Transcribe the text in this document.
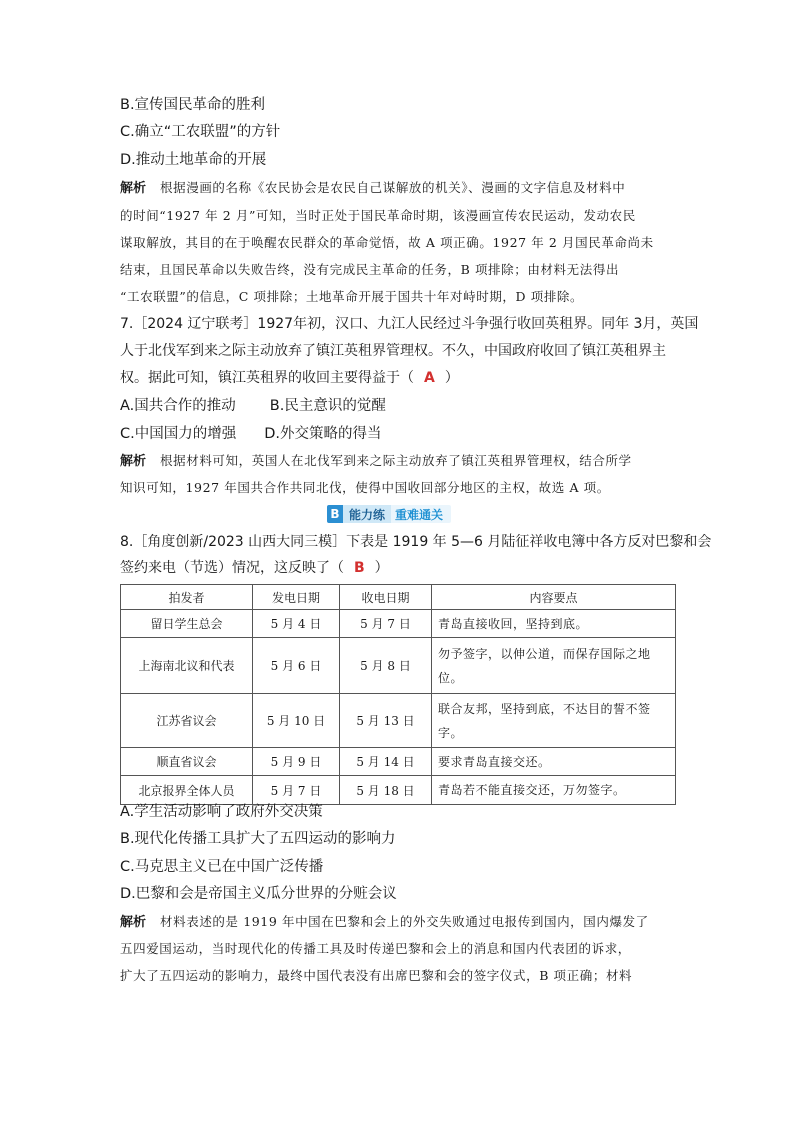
B.宣传国民革命的胜利
C.确立“工农联盟”的方针
D.推动土地革命的开展
解析 根据漫画的名称《农民协会是农民自己谋解放的机关》、漫画的文字信息及材料中
的时间“1927 年 2 月”可知，当时正处于国民革命时期，该漫画宣传农民运动，发动农民
谋取解放，其目的在于唤醒农民群众的革命觉悟，故 A 项正确。1927 年 2 月国民革命尚未
结束，且国民革命以失败告终，没有完成民主革命的任务，B 项排除；由材料无法得出
“工农联盟”的信息，C 项排除；土地革命开展于国共十年对峙时期，D 项排除。
7.［2024 辽宁联考］1927年初，汉口、九江人民经过斗争强行收回英租界。同年 3月，英国
人于北伐军到来之际主动放弃了镇江英租界管理权。不久，中国政府收回了镇江英租界主
权。据此可知，镇江英租界的收回主要得益于（ A ）
A.国共合作的推动 B.民主意识的觉醒
C.中国国力的增强 D.外交策略的得当
解析 根据材料可知，英国人在北伐军到来之际主动放弃了镇江英租界管理权，结合所学
知识可知，1927 年国共合作共同北伐，使得中国收回部分地区的主权，故选 A 项。
B 能力练 重难通关
8.［角度创新/2023 山西大同三模］下表是 1919 年 5—6 月陆征祥收电簿中各方反对巴黎和会
签约来电（节选）情况，这反映了（ B ）
拍发者	发电日期	收电日期	内容要点
留日学生总会	5 月 4 日	5 月 7 日	青岛直接收回，坚持到底。
上海南北议和代表	5 月 6 日	5 月 8 日	勿予签字，以伸公道，而保存国际之地位。
江苏省议会	5 月 10 日	5 月 13 日	联合友邦，坚持到底，不达目的誓不签字。
顺直省议会	5 月 9 日	5 月 14 日	要求青岛直接交还。
北京报界全体人员	5 月 7 日	5 月 18 日	青岛若不能直接交还，万勿签字。
A.学生活动影响了政府外交决策
B.现代化传播工具扩大了五四运动的影响力
C.马克思主义已在中国广泛传播
D.巴黎和会是帝国主义瓜分世界的分赃会议
解析 材料表述的是 1919 年中国在巴黎和会上的外交失败通过电报传到国内，国内爆发了
五四爱国运动，当时现代化的传播工具及时传递巴黎和会上的消息和国内代表团的诉求，
扩大了五四运动的影响力，最终中国代表没有出席巴黎和会的签字仪式，B 项正确；材料
